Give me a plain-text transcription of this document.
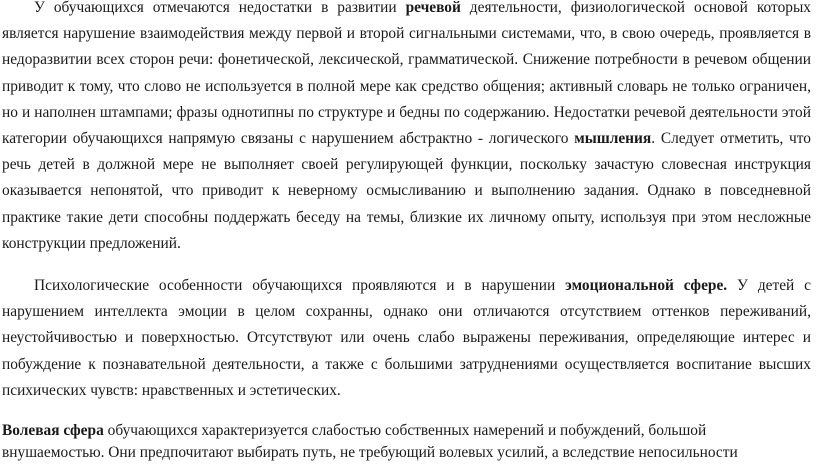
У обучающихся отмечаются недостатки в развитии речевой деятельности, физиологической основой которых является нарушение взаимодействия между первой и второй сигнальными системами, что, в свою очередь, проявляется в недоразвитии всех сторон речи: фонетической, лексической, грамматической. Снижение потребности в речевом общении приводит к тому, что слово не используется в полной мере как средство общения; активный словарь не только ограничен, но и наполнен штампами; фразы однотипны по структуре и бедны по содержанию. Недостатки речевой деятельности этой категории обучающихся напрямую связаны с нарушением абстрактно - логического мышления. Следует отметить, что речь детей в должной мере не выполняет своей регулирующей функции, поскольку зачастую словесная инструкция оказывается непонятой, что приводит к неверному осмысливанию и выполнению задания. Однако в повседневной практике такие дети способны поддержать беседу на темы, близкие их личному опыту, используя при этом несложные конструкции предложений.

Психологические особенности обучающихся проявляются и в нарушении эмоциональной сфере. У детей с нарушением интеллекта эмоции в целом сохранны, однако они отличаются отсутствием оттенков переживаний, неустойчивостью и поверхностью. Отсутствуют или очень слабо выражены переживания, определяющие интерес и побуждение к познавательной деятельности, а также с большими затруднениями осуществляется воспитание высших психических чувств: нравственных и эстетических.

Волевая сфера обучающихся характеризуется слабостью собственных намерений и побуждений, большой внушаемостью. Они предпочитают выбирать путь, не требующий волевых усилий, а вследствие непосильности
